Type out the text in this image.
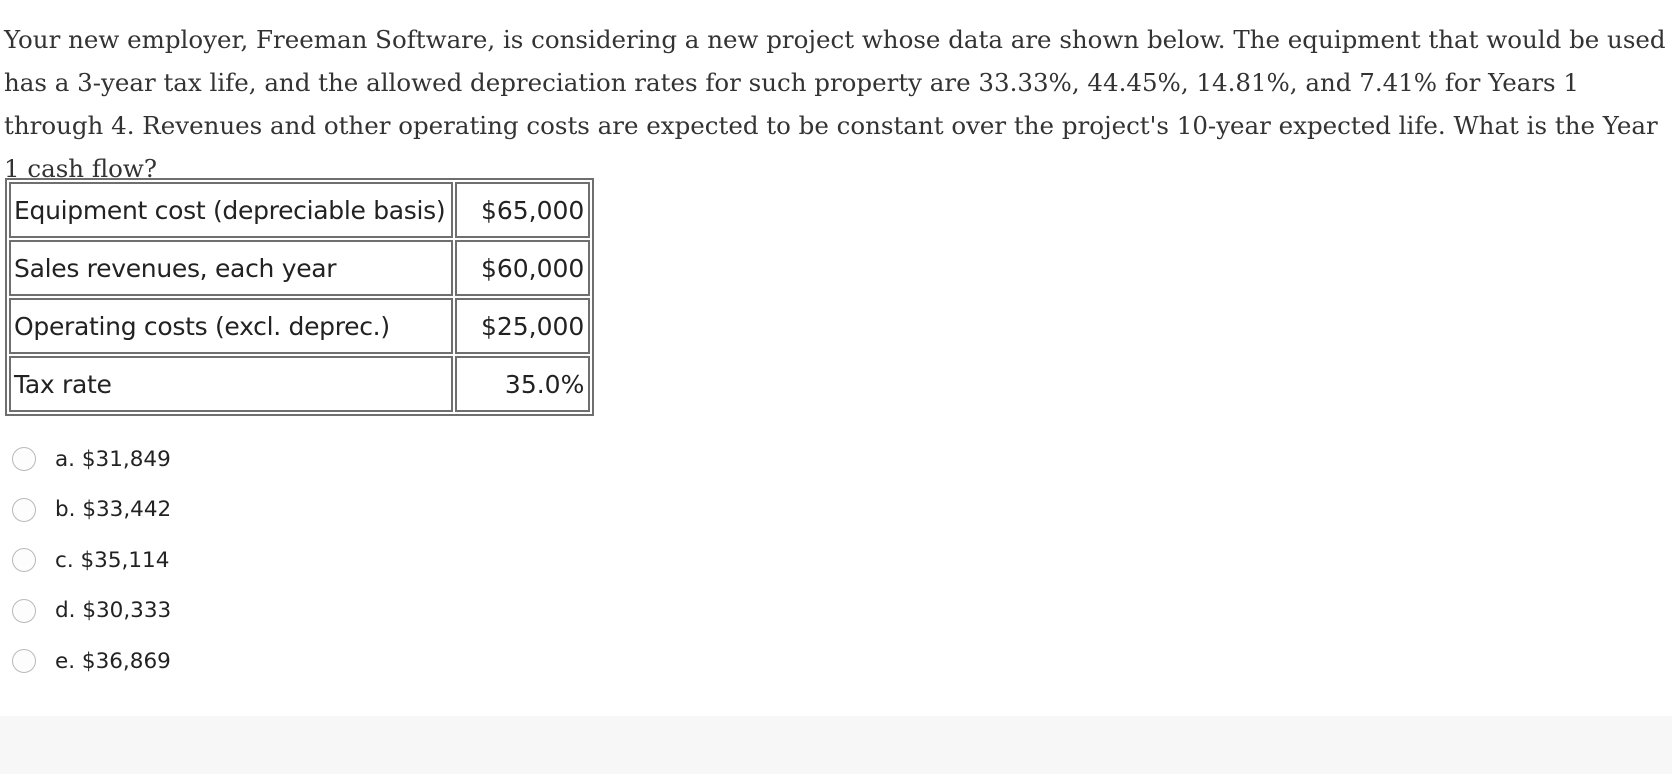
Your new employer, Freeman Software, is considering a new project whose data are shown below. The equipment that would be used has a 3-year tax life, and the allowed depreciation rates for such property are 33.33%, 44.45%, 14.81%, and 7.41% for Years 1 through 4. Revenues and other operating costs are expected to be constant over the project's 10-year expected life. What is the Year 1 cash flow?

Equipment cost (depreciable basis)	$65,000
Sales revenues, each year	$60,000
Operating costs (excl. deprec.)	$25,000
Tax rate	35.0%
a. $31,849
b. $33,442
c. $35,114
d. $30,333
e. $36,869
